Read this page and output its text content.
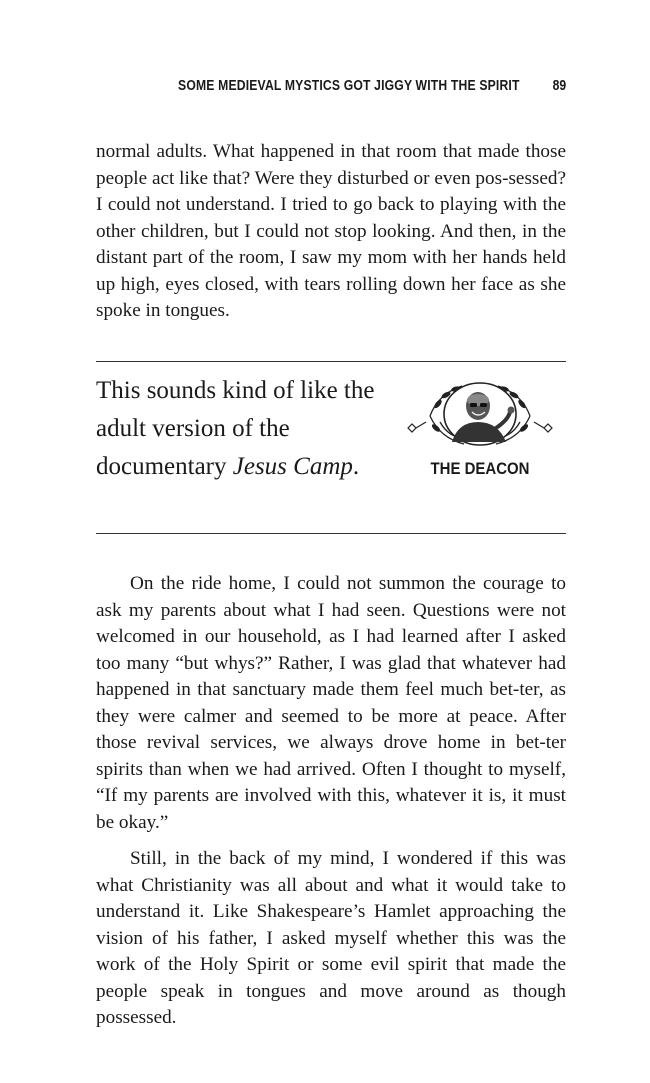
SOME MEDIEVAL MYSTICS GOT JIGGY WITH THE SPIRIT 89

normal adults. What happened in that room that made those people act like that? Were they disturbed or even pos-sessed? I could not understand. I tried to go back to playing with the other children, but I could not stop looking. And then, in the distant part of the room, I saw my mom with her hands held up high, eyes closed, with tears rolling down her face as she spoke in tongues.

This sounds kind of like the adult version of the documentary Jesus Camp.	THE DEACON

On the ride home, I could not summon the courage to ask my parents about what I had seen. Questions were not welcomed in our household, as I had learned after I asked too many “but whys?” Rather, I was glad that whatever had happened in that sanctuary made them feel much bet-ter, as they were calmer and seemed to be more at peace. After those revival services, we always drove home in bet-ter spirits than when we had arrived. Often I thought to myself, “If my parents are involved with this, whatever it is, it must be okay.”

Still, in the back of my mind, I wondered if this was what Christianity was all about and what it would take to understand it. Like Shakespeare’s Hamlet approaching the vision of his father, I asked myself whether this was the work of the Holy Spirit or some evil spirit that made the people speak in tongues and move around as though possessed.
